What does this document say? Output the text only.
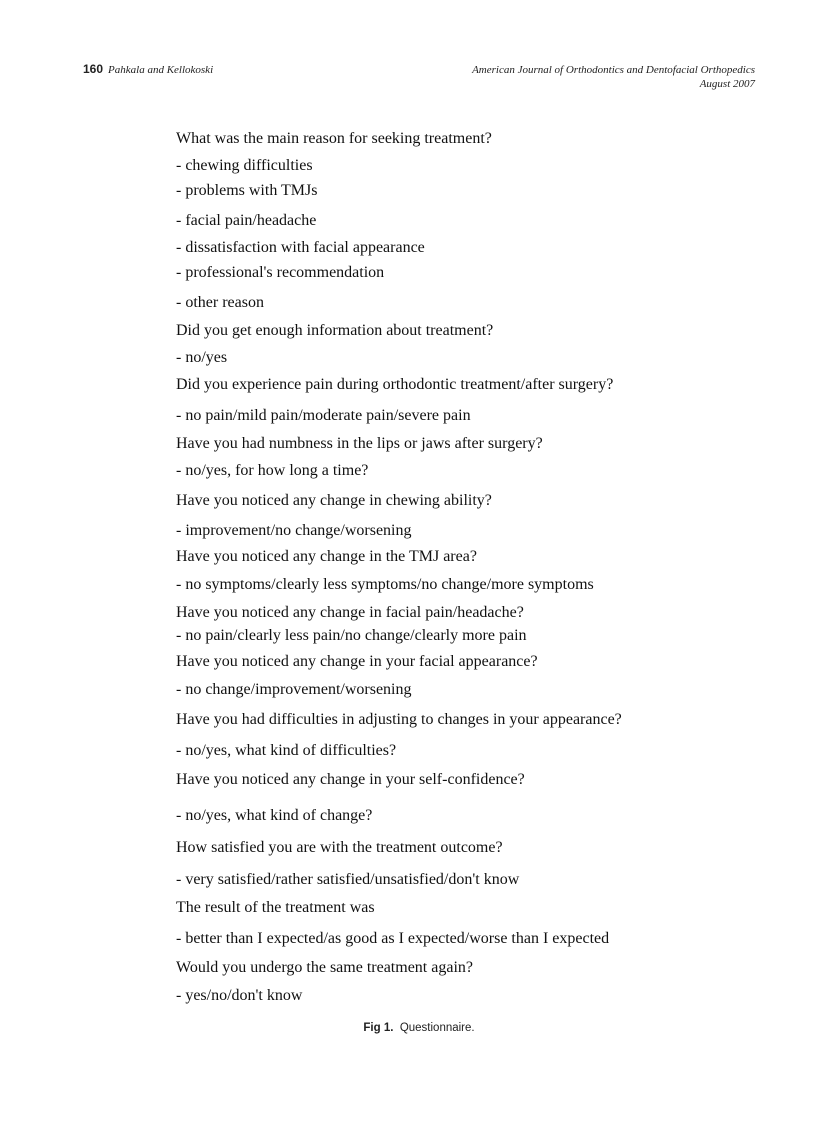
160 Pahkala and Kellokoski	American Journal of Orthodontics and Dentofacial Orthopedics
August 2007
What was the main reason for seeking treatment?
- chewing difficulties
- problems with TMJs
- facial pain/headache
- dissatisfaction with facial appearance
- professional's recommendation
- other reason
Did you get enough information about treatment?
- no/yes
Did you experience pain during orthodontic treatment/after surgery?
- no pain/mild pain/moderate pain/severe pain
Have you had numbness in the lips or jaws after surgery?
- no/yes, for how long a time?
Have you noticed any change in chewing ability?
- improvement/no change/worsening
Have you noticed any change in the TMJ area?
- no symptoms/clearly less symptoms/no change/more symptoms
Have you noticed any change in facial pain/headache?
- no pain/clearly less pain/no change/clearly more pain
Have you noticed any change in your facial appearance?
- no change/improvement/worsening
Have you had difficulties in adjusting to changes in your appearance?
- no/yes, what kind of difficulties?
Have you noticed any change in your self-confidence?
- no/yes, what kind of change?
How satisfied you are with the treatment outcome?
- very satisfied/rather satisfied/unsatisfied/don't know
The result of the treatment was
- better than I expected/as good as I expected/worse than I expected
Would you undergo the same treatment again?
- yes/no/don't know
Fig 1. Questionnaire.
